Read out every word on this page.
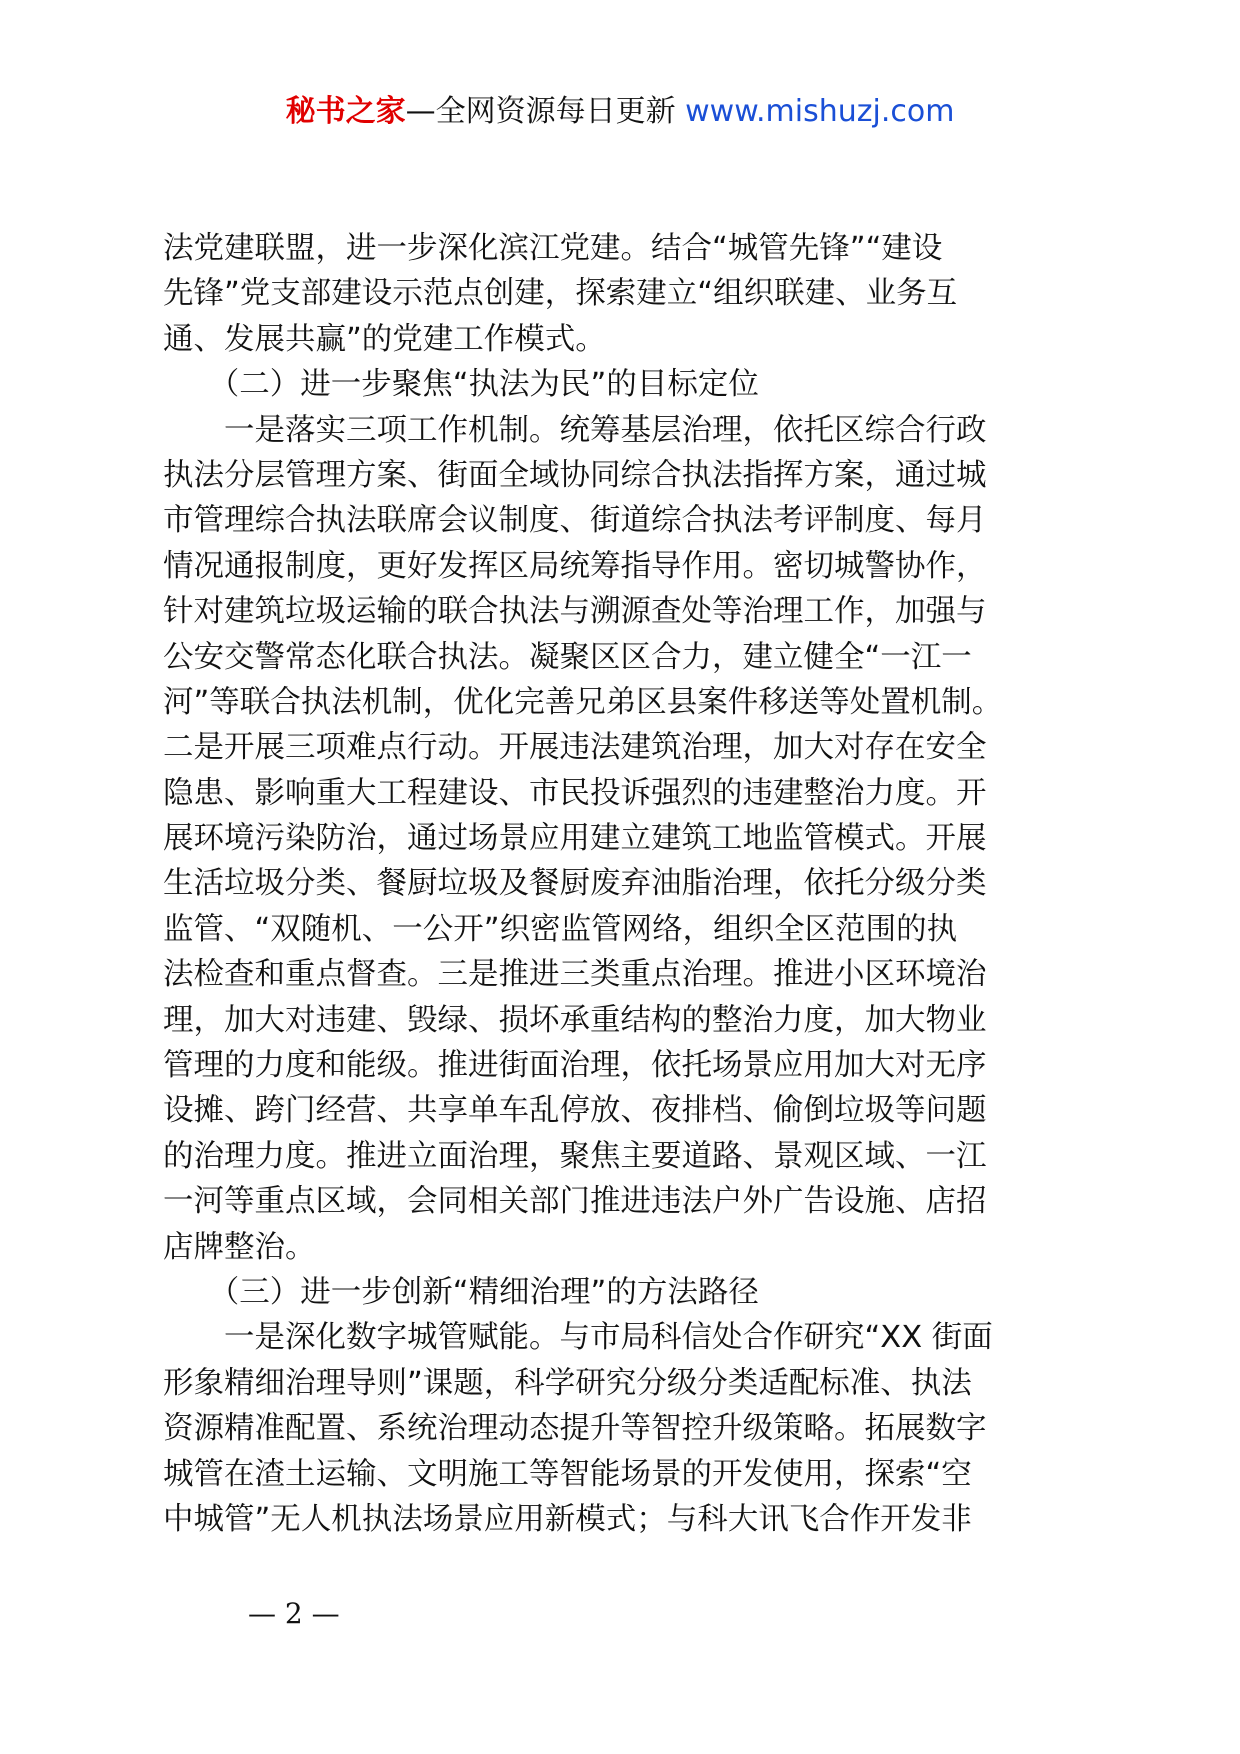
秘书之家—全网资源每日更新 www.mishuzj.com
法党建联盟，进一步深化滨江党建。结合“城管先锋”“建设
先锋”党支部建设示范点创建，探索建立“组织联建、业务互
通、发展共赢”的党建工作模式。
　　（二）进一步聚焦“执法为民”的目标定位
　　一是落实三项工作机制。统筹基层治理，依托区综合行政
执法分层管理方案、街面全域协同综合执法指挥方案，通过城
市管理综合执法联席会议制度、街道综合执法考评制度、每月
情况通报制度，更好发挥区局统筹指导作用。密切城警协作，
针对建筑垃圾运输的联合执法与溯源查处等治理工作，加强与
公安交警常态化联合执法。凝聚区区合力，建立健全“一江一
河”等联合执法机制，优化完善兄弟区县案件移送等处置机制。
二是开展三项难点行动。开展违法建筑治理，加大对存在安全
隐患、影响重大工程建设、市民投诉强烈的违建整治力度。开
展环境污染防治，通过场景应用建立建筑工地监管模式。开展
生活垃圾分类、餐厨垃圾及餐厨废弃油脂治理，依托分级分类
监管、“双随机、一公开”织密监管网络，组织全区范围的执
法检查和重点督查。三是推进三类重点治理。推进小区环境治
理，加大对违建、毁绿、损坏承重结构的整治力度，加大物业
管理的力度和能级。推进街面治理，依托场景应用加大对无序
设摊、跨门经营、共享单车乱停放、夜排档、偷倒垃圾等问题
的治理力度。推进立面治理，聚焦主要道路、景观区域、一江
一河等重点区域，会同相关部门推进违法户外广告设施、店招
店牌整治。
　　（三）进一步创新“精细治理”的方法路径
　　一是深化数字城管赋能。与市局科信处合作研究“XX 街面
形象精细治理导则”课题，科学研究分级分类适配标准、执法
资源精准配置、系统治理动态提升等智控升级策略。拓展数字
城管在渣土运输、文明施工等智能场景的开发使用，探索“空
中城管”无人机执法场景应用新模式；与科大讯飞合作开发非
— 2 —
